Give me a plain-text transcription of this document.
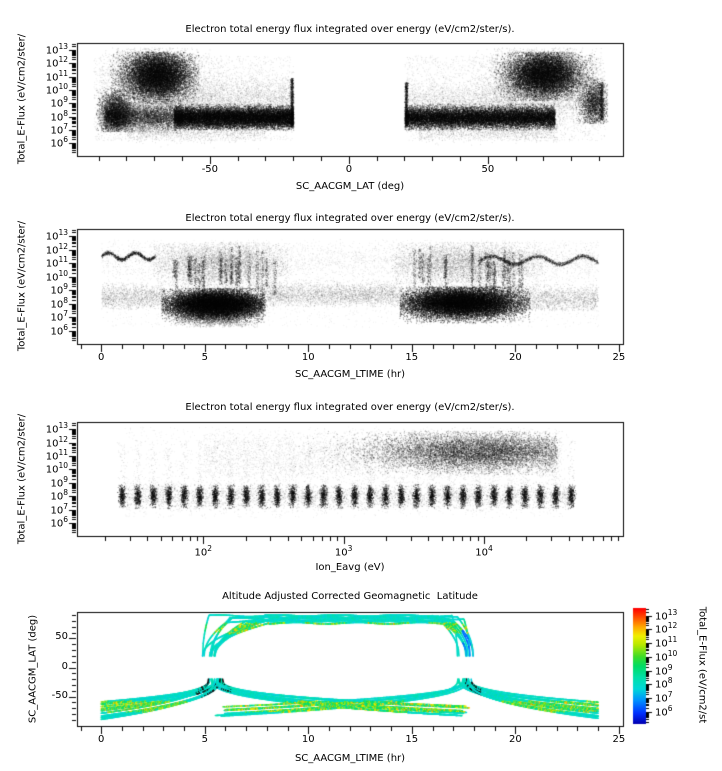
Electron total energy flux integrated over energy (eV/cm2/ster/s).
Electron total energy flux integrated over energy (eV/cm2/ster/s).
Electron total energy flux integrated over energy (eV/cm2/ster/s).
Altitude Adjusted Corrected Geomagnetic  Latitude
SC_AACGM_LAT (deg)
SC_AACGM_LTIME (hr)
Ion_Eavg (eV)
SC_AACGM_LTIME (hr)
Total_E-Flux (eV/cm2/ster/
Total_E-Flux (eV/cm2/ster/
Total_E-Flux (eV/cm2/ster/
SC_AACGM_LAT (deg)	Total_E-Flux (eV/cm2/st
-50	0	50
$10^6$
$10^7$
$10^8$
$10^9$
$10^{10}$
$10^{11}$
$10^{12}$
$10^{13}$
0	5	10	15	20	25
$10^6$
$10^7$
$10^8$
$10^9$
$10^{10}$
$10^{11}$
$10^{12}$
$10^{13}$
$10^2$	$10^3$	$10^4$
$10^6$
$10^7$
$10^8$
$10^9$
$10^{10}$
$10^{11}$
$10^{12}$
$10^{13}$
0	5	10	15	20	25
-50
0
50
$10^6$
$10^7$
$10^8$
$10^9$
$10^{10}$
$10^{11}$
$10^{12}$
$10^{13}$
